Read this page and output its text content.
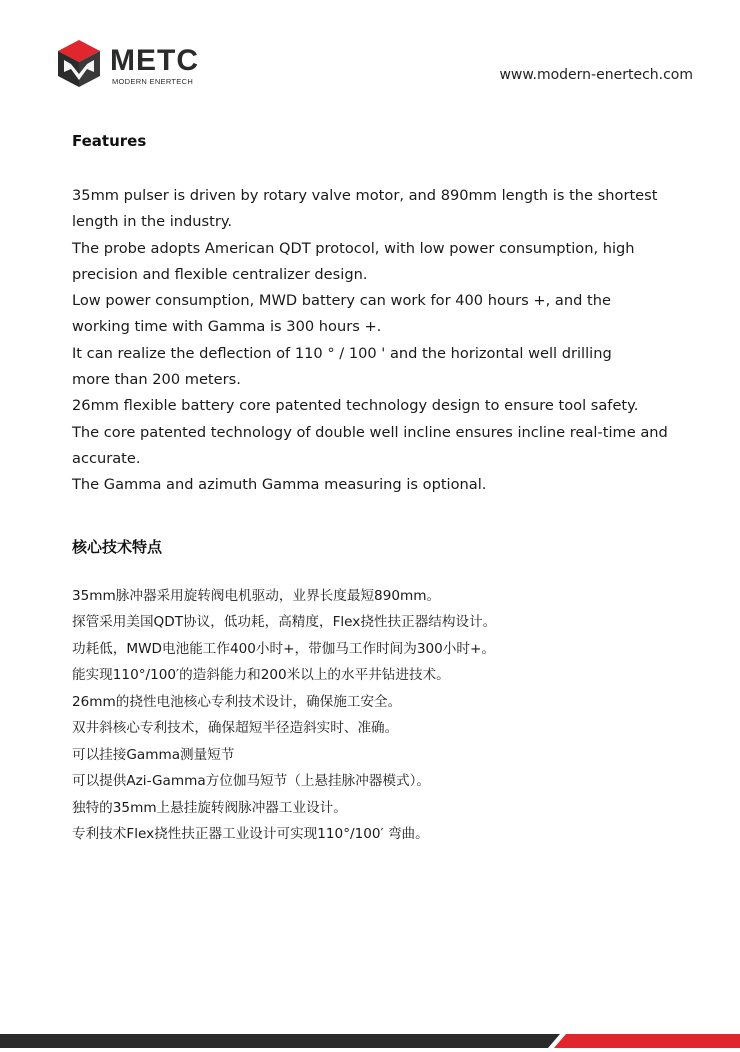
METC
MODERN ENERTECH	www.modern-enertech.com
Features
35mm pulser is driven by rotary valve motor, and 890mm length is the shortest
length in the industry.
The probe adopts American QDT protocol, with low power consumption, high
precision and flexible centralizer design.
Low power consumption, MWD battery can work for 400 hours +, and the
working time with Gamma is 300 hours +.
It can realize the deflection of 110 ° / 100 ' and the horizontal well drilling
more than 200 meters.
26mm flexible battery core patented technology design to ensure tool safety.
The core patented technology of double well incline ensures incline real-time and
accurate.
The Gamma and azimuth Gamma measuring is optional.
核心技术特点
35mm脉冲器采用旋转阀电机驱动，业界长度最短890mm。
探管采用美国QDT协议，低功耗，高精度，Flex挠性扶正器结构设计。
功耗低，MWD电池能工作400小时+，带伽马工作时间为300小时+。
能实现110°/100′的造斜能力和200米以上的水平井钻进技术。
26mm的挠性电池核心专利技术设计，确保施工安全。
双井斜核心专利技术，确保超短半径造斜实时、准确。
可以挂接Gamma测量短节
可以提供Azi-Gamma方位伽马短节（上悬挂脉冲器模式）。
独特的35mm上悬挂旋转阀脉冲器工业设计。
专利技术Flex挠性扶正器工业设计可实现110°/100′ 弯曲。
